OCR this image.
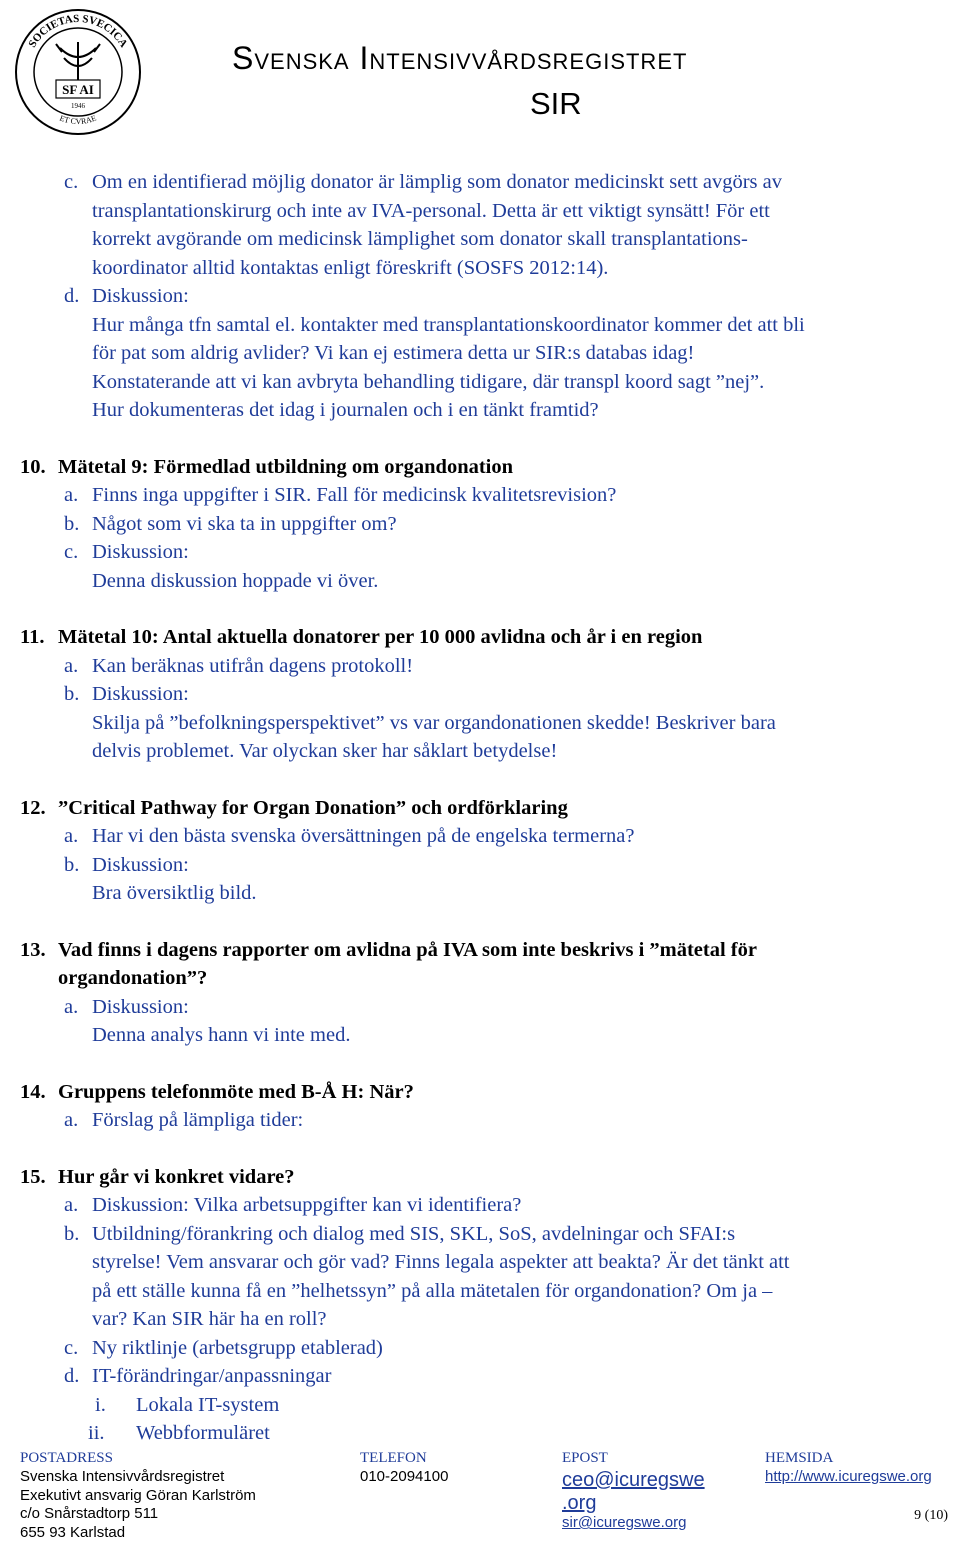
SOCIETAS SVECICA
ET CVRAE
SF AI
1946
Svenska Intensivvårdsregistret
SIR
c. Om en identifierad möjlig donator är lämplig som donator medicinskt sett avgörs av
transplantationskirurg och inte av IVA-personal. Detta är ett viktigt synsätt! För ett
korrekt avgörande om medicinsk lämplighet som donator skall transplantations-
koordinator alltid kontaktas enligt föreskrift (SOSFS 2012:14).
d. Diskussion:
Hur många tfn samtal el. kontakter med transplantationskoordinator kommer det att bli
för pat som aldrig avlider? Vi kan ej estimera detta ur SIR:s databas idag!
Konstaterande att vi kan avbryta behandling tidigare, där transpl koord sagt ”nej”.
Hur dokumenteras det idag i journalen och i en tänkt framtid?
10. Mätetal 9: Förmedlad utbildning om organdonation
a. Finns inga uppgifter i SIR. Fall för medicinsk kvalitetsrevision?
b. Något som vi ska ta in uppgifter om?
c. Diskussion:
Denna diskussion hoppade vi över.
11. Mätetal 10: Antal aktuella donatorer per 10 000 avlidna och år i en region
a. Kan beräknas utifrån dagens protokoll!
b. Diskussion:
Skilja på ”befolkningsperspektivet” vs var organdonationen skedde! Beskriver bara
delvis problemet. Var olyckan sker har såklart betydelse!
12. ”Critical Pathway for Organ Donation” och ordförklaring
a. Har vi den bästa svenska översättningen på de engelska termerna?
b. Diskussion:
Bra översiktlig bild.
13. Vad finns i dagens rapporter om avlidna på IVA som inte beskrivs i ”mätetal för
organdonation”?
a. Diskussion:
Denna analys hann vi inte med.
14. Gruppens telefonmöte med B-Å H: När?
a. Förslag på lämpliga tider:
15. Hur går vi konkret vidare?
a. Diskussion: Vilka arbetsuppgifter kan vi identifiera?
b. Utbildning/förankring och dialog med SIS, SKL, SoS, avdelningar och SFAI:s
styrelse! Vem ansvarar och gör vad? Finns legala aspekter att beakta? Är det tänkt att
på ett ställe kunna få en ”helhetssyn” på alla mätetalen för organdonation? Om ja –
var? Kan SIR här ha en roll?
c. Ny riktlinje (arbetsgrupp etablerad)
d. IT-förändringar/anpassningar
i. Lokala IT-system
ii. Webbformuläret
POSTADRESS
Svenska Intensivvårdsregistret
Exekutivt ansvarig Göran Karlström
c/o Snårstadtorp 511
655 93 Karlstad
TELEFON
010-2094100
EPOST
ceo@icuregswe
.org
sir@icuregswe.org
HEMSIDA
http://www.icuregswe.org
9 (10)
